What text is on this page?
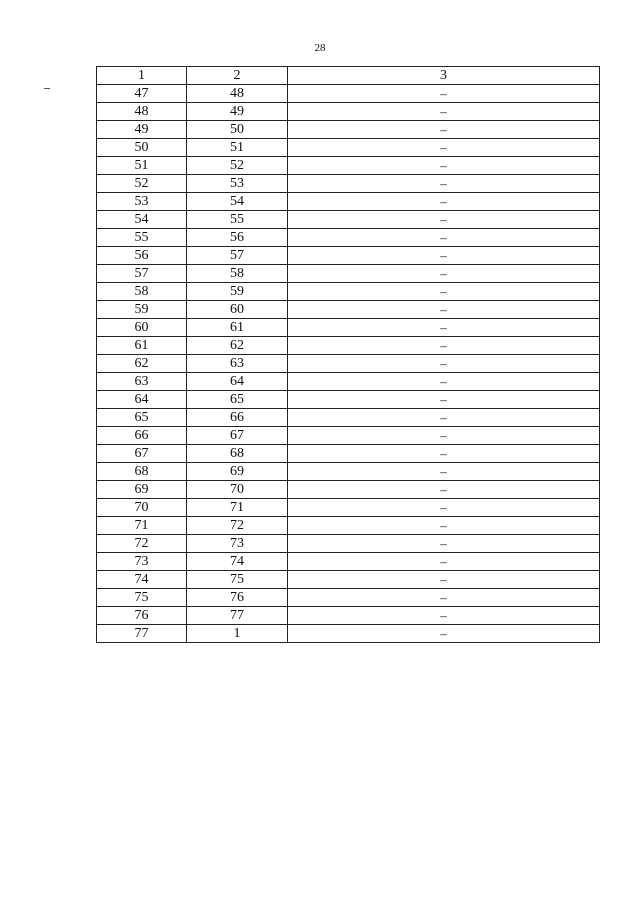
28
1	2	3
47	48	–
48	49	–
49	50	–
50	51	–
51	52	–
52	53	–
53	54	–
54	55	–
55	56	–
56	57	–
57	58	–
58	59	–
59	60	–
60	61	–
61	62	–
62	63	–
63	64	–
64	65	–
65	66	–
66	67	–
67	68	–
68	69	–
69	70	–
70	71	–
71	72	–
72	73	–
73	74	–
74	75	–
75	76	–
76	77	–
77	1	–
